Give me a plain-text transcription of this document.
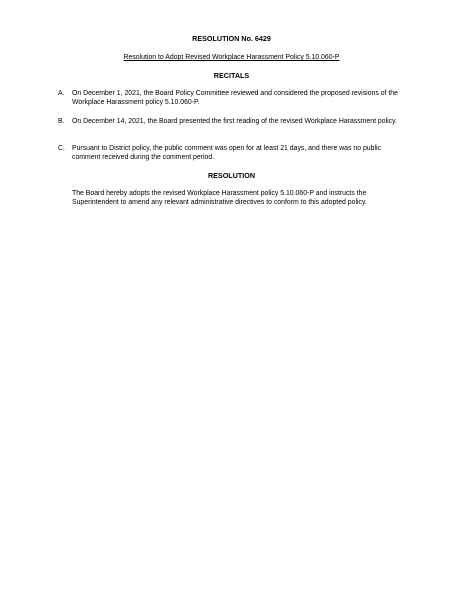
RESOLUTION No. 6429
Resolution to Adopt Revised Workplace Harassment Policy 5.10.060-P
RECITALS
A.	On December 1, 2021, the Board Policy Committee reviewed and considered the proposed revisions of the Workplace Harassment policy 5.10.060-P.
B.	On December 14, 2021, the Board presented the first reading of the revised Workplace Harassment policy.
C.	Pursuant to District policy, the public comment was open for at least 21 days, and there was no public comment received during the comment period.
RESOLUTION
The Board hereby adopts the revised Workplace Harassment policy 5.10.060-P and instructs the Superintendent to amend any relevant administrative directives to conform to this adopted policy.
